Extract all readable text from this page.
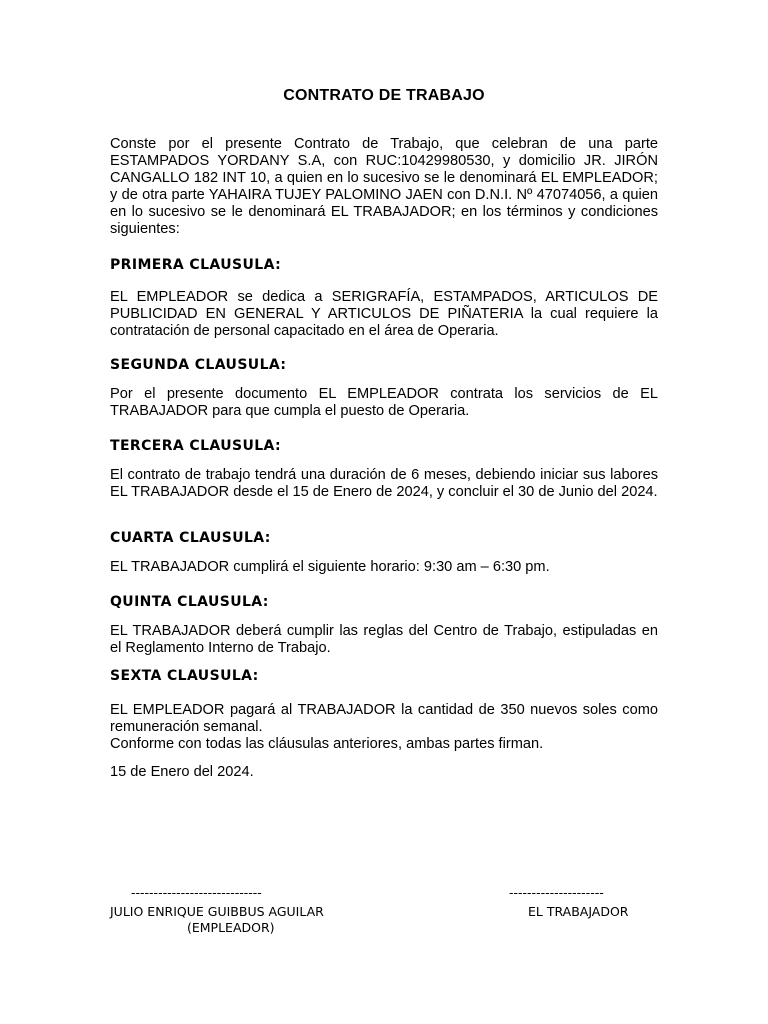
CONTRATO DE TRABAJO
Conste por el presente Contrato de Trabajo, que celebran de una parte ESTAMPADOS YORDANY S.A, con RUC:10429980530, y domicilio JR. JIRÓN CANGALLO 182 INT 10, a quien en lo sucesivo se le denominará EL EMPLEADOR; y de otra parte YAHAIRA TUJEY PALOMINO JAEN con D.N.I. Nº 47074056, a quien en lo sucesivo se le denominará EL TRABAJADOR; en los términos y condiciones siguientes:
PRIMERA CLAUSULA:
EL EMPLEADOR se dedica a SERIGRAFÍA, ESTAMPADOS, ARTICULOS DE PUBLICIDAD EN GENERAL Y ARTICULOS DE PIÑATERIA la cual requiere la contratación de personal capacitado en el área de Operaria.
SEGUNDA CLAUSULA:
Por el presente documento EL EMPLEADOR contrata los servicios de EL TRABAJADOR para que cumpla el puesto de Operaria.
TERCERA CLAUSULA:
El contrato de trabajo tendrá una duración de 6 meses, debiendo iniciar sus labores EL TRABAJADOR desde el 15 de Enero de 2024, y concluir el 30 de Junio del 2024.
CUARTA CLAUSULA:
EL TRABAJADOR cumplirá el siguiente horario: 9:30 am – 6:30 pm.
QUINTA CLAUSULA:
EL TRABAJADOR deberá cumplir las reglas del Centro de Trabajo, estipuladas en el Reglamento Interno de Trabajo.
SEXTA CLAUSULA:
EL EMPLEADOR pagará al TRABAJADOR la cantidad de 350 nuevos soles como remuneración semanal.
Conforme con todas las cláusulas anteriores, ambas partes firman.
15 de Enero del 2024.
-----------------------------
JULIO ENRIQUE GUIBBUS AGUILAR
(EMPLEADOR)
---------------------
EL TRABAJADOR
